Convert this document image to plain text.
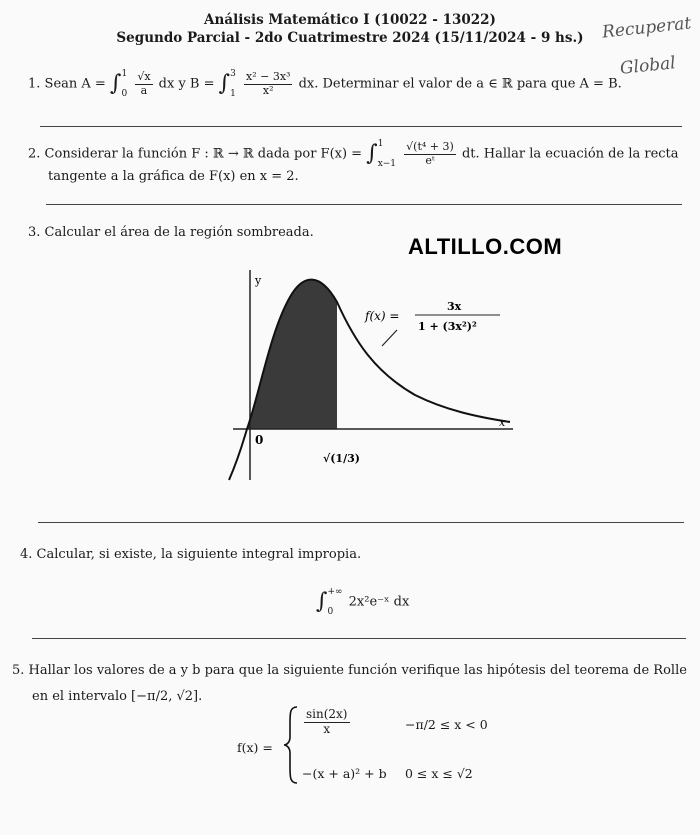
Análisis Matemático I (10022 - 13022)
Segundo Parcial - 2do Cuatrimestre 2024 (15/11/2024 - 9 hs.)	Recuperat
Global
1. Sean A = ∫ 1
0
$\frac{√x}{a}$ dx y B = ∫ 3
1
$\frac{\text{x² − 3x³}}{\text{x²}}$ dx. Determinar el valor de a ∈ ℝ para que A = B.
2. Considerar la función F : ℝ → ℝ dada por F(x) = ∫ 1
x−1
$\frac{\text{√(t⁴ + 3)}}{\text{eᵗ}}$ dt. Hallar la ecuación de la recta
tangente a la gráfica de F(x) en x = 2.
3. Calcular el área de la región sombreada.
ALTILLO.COM
y
x
0
√(1/3)
f(x) =
3x
1 + (3x²)²
4. Calcular, si existe, la siguiente integral impropia.
∫ +∞
0
2x²e⁻ˣ dx
5. Hallar los valores de a y b para que la siguiente función verifique las hipótesis del teorema de Rolle
en el intervalo [−π/2, √2].
f(x) =
$\frac{\sin(2x)}{x}$	−π/2 ≤ x < 0
−(x + a)² + b 0 ≤ x ≤ √2
